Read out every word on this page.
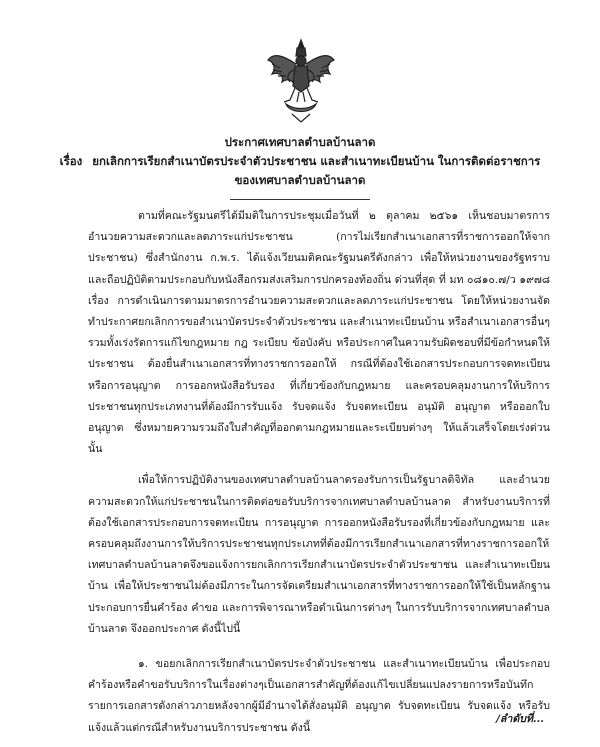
ประกาศเทศบาลตำบลบ้านลาด
เรื่อง ยกเลิกการเรียกสำเนาบัตรประจำตัวประชาชน และสำเนาทะเบียนบ้าน ในการติดต่อราชการ
ของเทศบาลตำบลบ้านลาด

ตามที่คณะรัฐมนตรีได้มีมติในการประชุมเมื่อวันที่ ๒ ตุลาคม ๒๕๖๑ เห็นชอบมาตรการอำนวยความสะดวกและลดภาระแก่ประชาชน (การไม่เรียกสำเนาเอกสารที่ราชการออกให้จากประชาชน) ซึ่งสำนักงาน ก.พ.ร. ได้แจ้งเวียนมติคณะรัฐมนตรีดังกล่าว เพื่อให้หน่วยงานของรัฐทราบและถือปฏิบัติตามประกอบกับหนังสือกรมส่งเสริมการปกครองท้องถิ่น ด่วนที่สุด ที่ มท ๐๘๑๐.๗/ว ๑๙๗๘ เรื่อง การดำเนินการตามมาตรการอำนวยความสะดวกและลดภาระแก่ประชาชน โดยให้หน่วยงานจัดทำประกาศยกเลิกการขอสำเนาบัตรประจำตัวประชาชน และสำเนาทะเบียนบ้าน หรือสำเนาเอกสารอื่นๆ รวมทั้งเร่งรัดการแก้ไขกฎหมาย กฎ ระเบียบ ข้อบังคับ หรือประกาศในความรับผิดชอบที่มีข้อกำหนดให้ประชาชน ต้องยื่นสำเนาเอกสารที่ทางราชการออกให้ กรณีที่ต้องใช้เอกสารประกอบการจดทะเบียน หรือการอนุญาต การออกหนังสือรับรอง ที่เกี่ยวข้องกับกฎหมาย และครอบคลุมงานการให้บริการประชาชนทุกประเภทงานที่ต้องมีการรับแจ้ง รับจดแจ้ง รับจดทะเบียน อนุมัติ อนุญาต หรือออกใบอนุญาต ซึ่งหมายความรวมถึงใบสำคัญที่ออกตามกฎหมายและระเบียบต่างๆ ให้แล้วเสร็จโดยเร่งด่วน นั้น

เพื่อให้การปฏิบัติงานของเทศบาลตำบลบ้านลาดรองรับการเป็นรัฐบาลดิจิทัล และอำนวยความสะดวกให้แก่ประชาชนในการติดต่อขอรับบริการจากเทศบาลตำบลบ้านลาด สำหรับงานบริการที่ต้องใช้เอกสารประกอบการจดทะเบียน การอนุญาต การออกหนังสือรับรองที่เกี่ยวข้องกับกฎหมาย และครอบคลุมถึงงานการให้บริการประชาชนทุกประเภทที่ต้องมีการเรียกสำเนาเอกสารที่ทางราชการออกให้ เทศบาลตำบลบ้านลาดจึงขอแจ้งการยกเลิกการเรียกสำเนาบัตรประจำตัวประชาชน และสำเนาทะเบียนบ้าน เพื่อให้ประชาชนไม่ต้องมีภาระในการจัดเตรียมสำเนาเอกสารที่ทางราชการออกให้ใช้เป็นหลักฐานประกอบการยื่นคำร้อง คำขอ และการพิจารณาหรือดำเนินการต่างๆ ในการรับบริการจากเทศบาลตำบลบ้านลาด จึงออกประกาศ ดังนี้ไปนี้

๑. ขอยกเลิกการเรียกสำเนาบัตรประจำตัวประชาชน และสำเนาทะเบียนบ้าน เพื่อประกอบคำร้องหรือคำขอรับบริการในเรื่องต่างๆเป็นเอกสารสำคัญที่ต้องแก้ไขเปลี่ยนแปลงรายการหรือบันทึกรายการเอกสารดังกล่าวภายหลังจากผู้มีอำนาจได้สั่งอนุมัติ อนุญาต รับจดทะเบียน รับจดแจ้ง หรือรับแจ้งแล้วแต่กรณีสำหรับงานบริการประชาชน ดังนี้

/ลำดับที่...
